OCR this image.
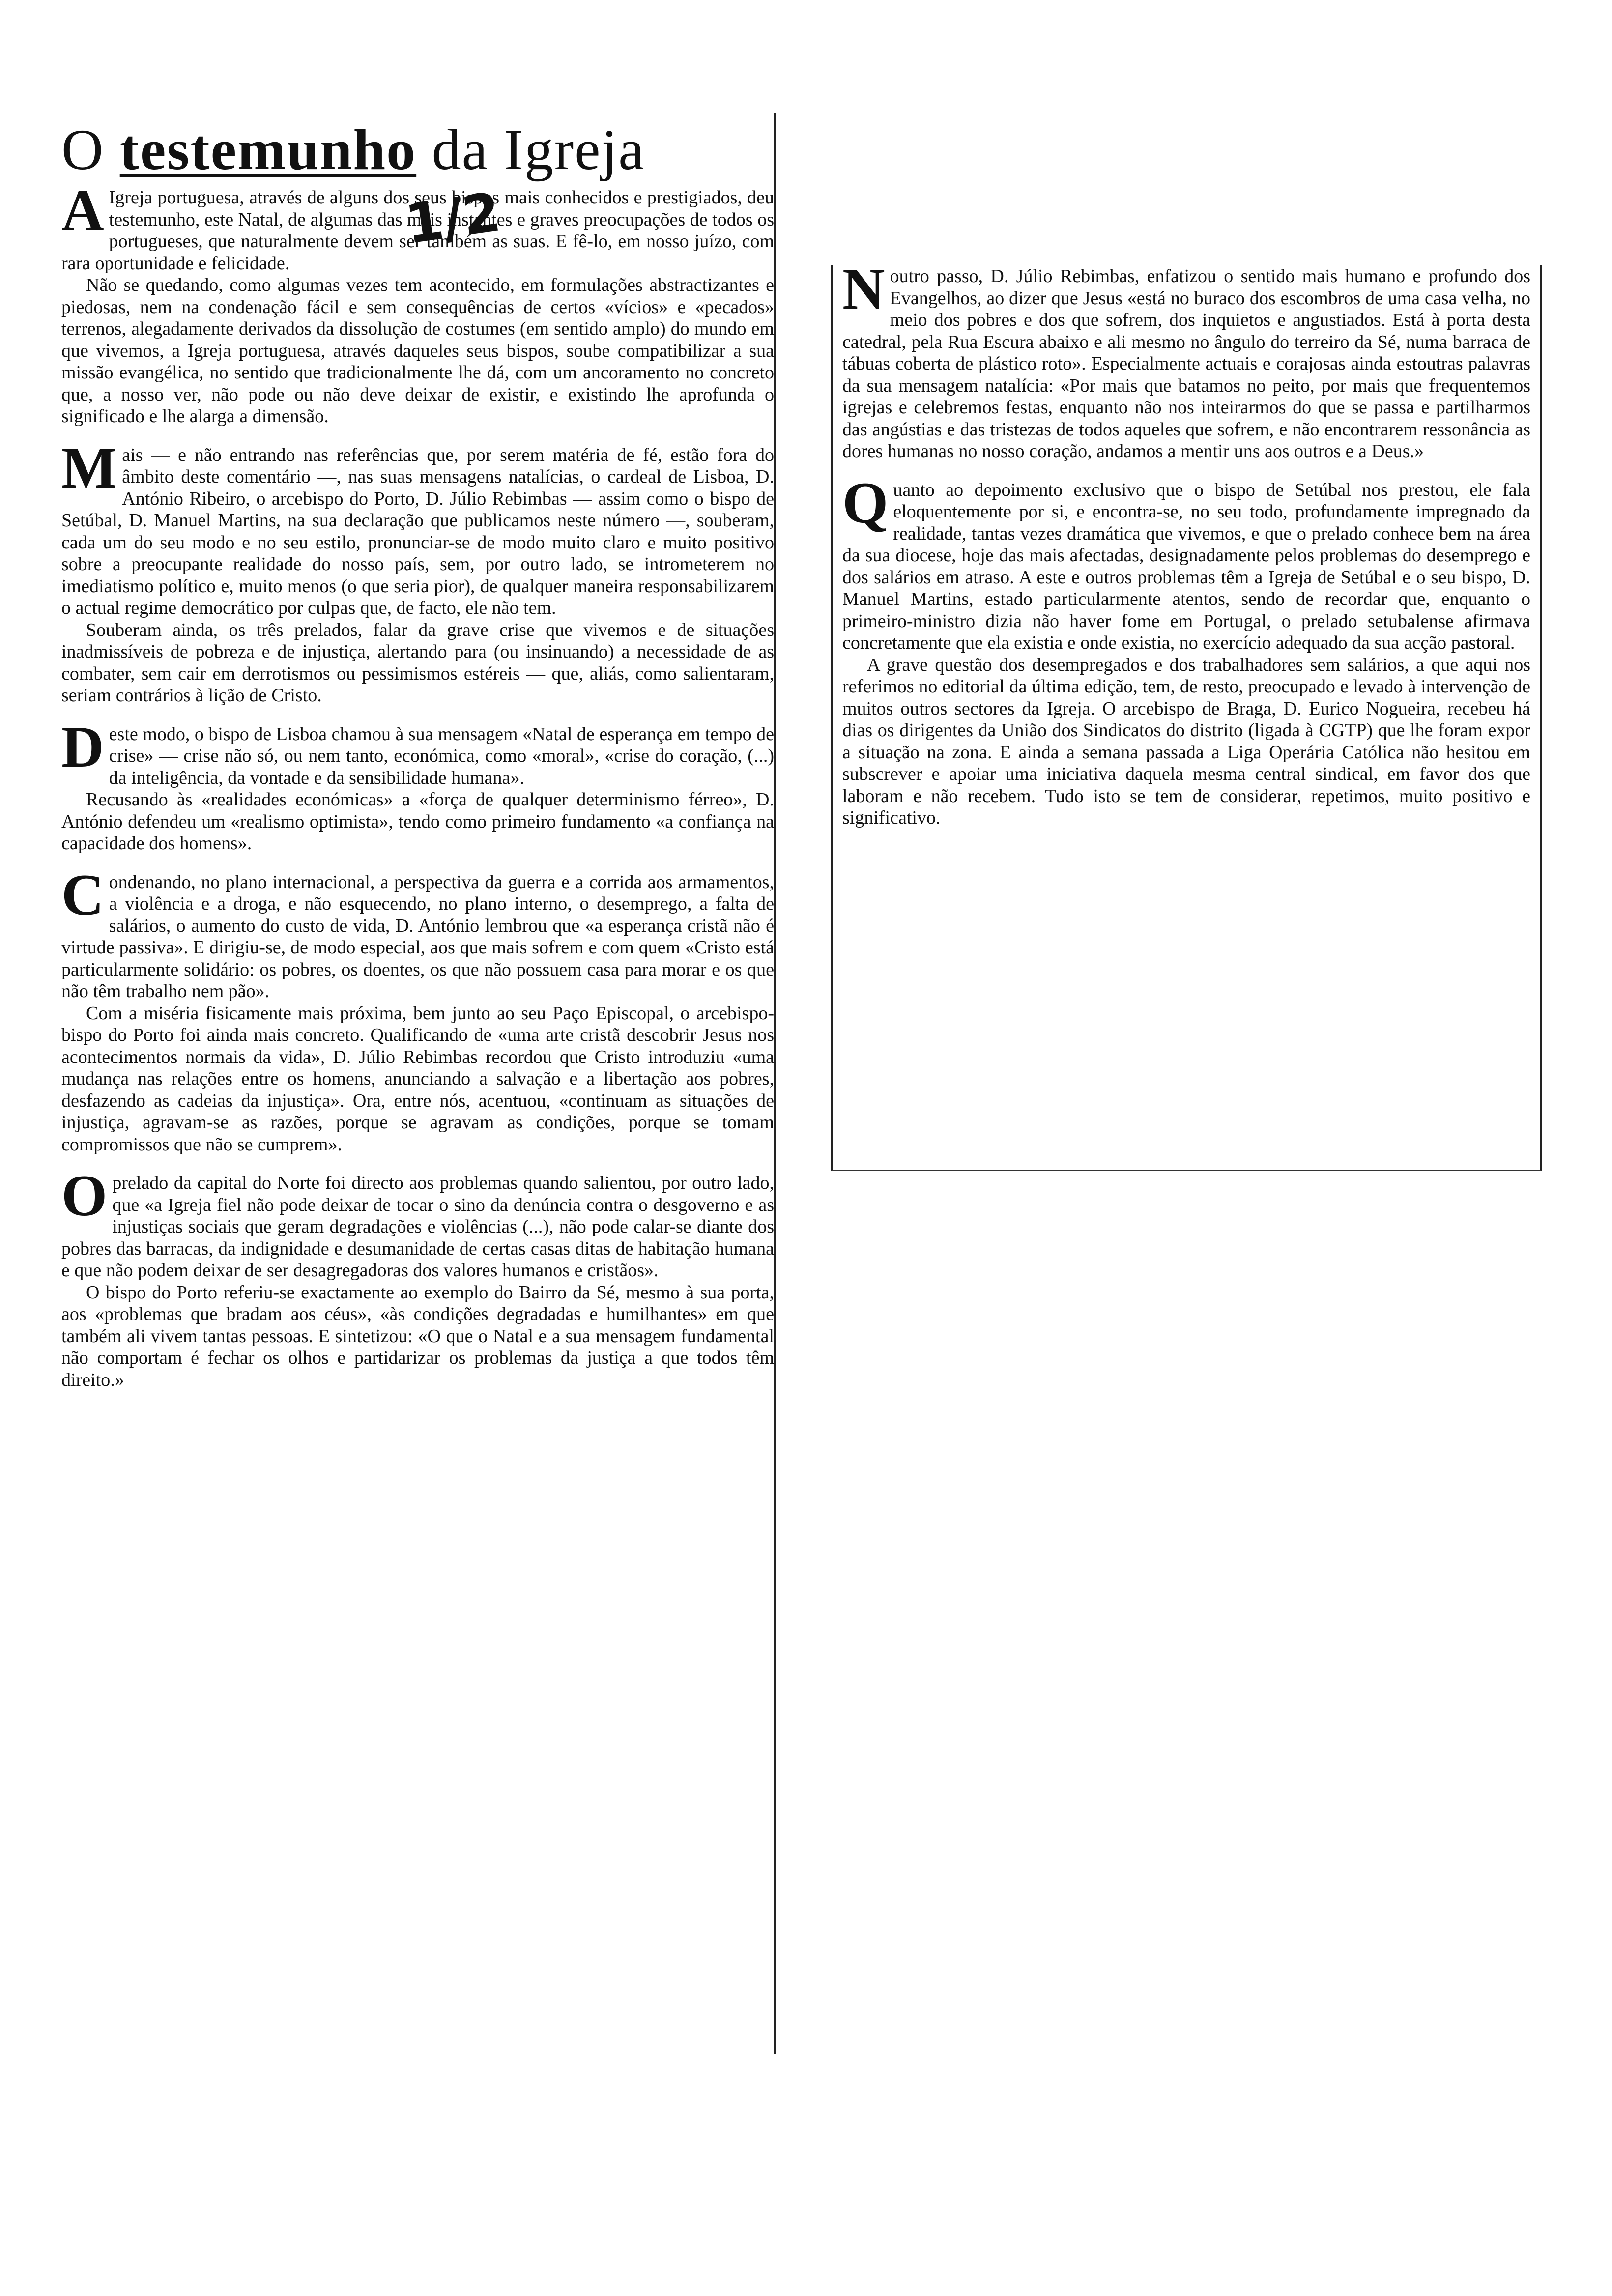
O testemunho da Igreja
1/2

A Igreja portuguesa, através de alguns dos seus bispos mais conhecidos e prestigiados, deu testemunho, este Natal, de algumas das mais instantes e graves preocupações de todos os portugueses, que naturalmente devem ser também as suas. E fê-lo, em nosso juízo, com rara oportunidade e felicidade.

Não se quedando, como algumas vezes tem acontecido, em formulações abstractizantes e piedosas, nem na condenação fácil e sem consequências de certos «vícios» e «pecados» terrenos, alegadamente derivados da dissolução de costumes (em sentido amplo) do mundo em que vivemos, a Igreja portuguesa, através daqueles seus bispos, soube compatibilizar a sua missão evangélica, no sentido que tradicionalmente lhe dá, com um ancoramento no concreto que, a nosso ver, não pode ou não deve deixar de existir, e existindo lhe aprofunda o significado e lhe alarga a dimensão.

Mais — e não entrando nas referências que, por serem matéria de fé, estão fora do âmbito deste comentário —, nas suas mensagens natalícias, o cardeal de Lisboa, D. António Ribeiro, o arcebispo do Porto, D. Júlio Rebimbas — assim como o bispo de Setúbal, D. Manuel Martins, na sua declaração que publicamos neste número —, souberam, cada um do seu modo e no seu estilo, pronunciar-se de modo muito claro e muito positivo sobre a preocupante realidade do nosso país, sem, por outro lado, se intrometerem no imediatismo político e, muito menos (o que seria pior), de qualquer maneira responsabilizarem o actual regime democrático por culpas que, de facto, ele não tem.

Souberam ainda, os três prelados, falar da grave crise que vivemos e de situações inadmissíveis de pobreza e de injustiça, alertando para (ou insinuando) a necessidade de as combater, sem cair em derrotismos ou pessimismos estéreis — que, aliás, como salientaram, seriam contrários à lição de Cristo.

Deste modo, o bispo de Lisboa chamou à sua mensagem «Natal de esperança em tempo de crise» — crise não só, ou nem tanto, económica, como «moral», «crise do coração, (...) da inteligência, da vontade e da sensibilidade humana».

Recusando às «realidades económicas» a «força de qualquer determinismo férreo», D. António defendeu um «realismo optimista», tendo como primeiro fundamento «a confiança na capacidade dos homens».

Condenando, no plano internacional, a perspectiva da guerra e a corrida aos armamentos, a violência e a droga, e não esquecendo, no plano interno, o desemprego, a falta de salários, o aumento do custo de vida, D. António lembrou que «a esperança cristã não é virtude passiva». E dirigiu-se, de modo especial, aos que mais sofrem e com quem «Cristo está particularmente solidário: os pobres, os doentes, os que não possuem casa para morar e os que não têm trabalho nem pão».

Com a miséria fisicamente mais próxima, bem junto ao seu Paço Episcopal, o arcebispo-bispo do Porto foi ainda mais concreto. Qualificando de «uma arte cristã descobrir Jesus nos acontecimentos normais da vida», D. Júlio Rebimbas recordou que Cristo introduziu «uma mudança nas relações entre os homens, anunciando a salvação e a libertação aos pobres, desfazendo as cadeias da injustiça». Ora, entre nós, acentuou, «continuam as situações de injustiça, agravam-se as razões, porque se agravam as condições, porque se tomam compromissos que não se cumprem».

Oprelado da capital do Norte foi directo aos problemas quando salientou, por outro lado, que «a Igreja fiel não pode deixar de tocar o sino da denúncia contra o desgoverno e as injustiças sociais que geram degradações e violências (...), não pode calar-se diante dos pobres das barracas, da indignidade e desumanidade de certas casas ditas de habitação humana e que não podem deixar de ser desagregadoras dos valores humanos e cristãos».

O bispo do Porto referiu-se exactamente ao exemplo do Bairro da Sé, mesmo à sua porta, aos «problemas que bradam aos céus», «às condições degradadas e humilhantes» em que também ali vivem tantas pessoas. E sintetizou: «O que o Natal e a sua mensagem fundamental não comportam é fechar os olhos e partidarizar os problemas da justiça a que todos têm direito.»

Noutro passo, D. Júlio Rebimbas, enfatizou o sentido mais humano e profundo dos Evangelhos, ao dizer que Jesus «está no buraco dos escombros de uma casa velha, no meio dos pobres e dos que sofrem, dos inquietos e angustiados. Está à porta desta catedral, pela Rua Escura abaixo e ali mesmo no ângulo do terreiro da Sé, numa barraca de tábuas coberta de plástico roto». Especialmente actuais e corajosas ainda estoutras palavras da sua mensagem natalícia: «Por mais que batamos no peito, por mais que frequentemos igrejas e celebremos festas, enquanto não nos inteirarmos do que se passa e partilharmos das angústias e das tristezas de todos aqueles que sofrem, e não encontrarem ressonância as dores humanas no nosso coração, andamos a mentir uns aos outros e a Deus.»

Quanto ao depoimento exclusivo que o bispo de Setúbal nos prestou, ele fala eloquentemente por si, e encontra-se, no seu todo, profundamente impregnado da realidade, tantas vezes dramática que vivemos, e que o prelado conhece bem na área da sua diocese, hoje das mais afectadas, designadamente pelos problemas do desemprego e dos salários em atraso. A este e outros problemas têm a Igreja de Setúbal e o seu bispo, D. Manuel Martins, estado particularmente atentos, sendo de recordar que, enquanto o primeiro-ministro dizia não haver fome em Portugal, o prelado setubalense afirmava concretamente que ela existia e onde existia, no exercício adequado da sua acção pastoral.

A grave questão dos desempregados e dos trabalhadores sem salários, a que aqui nos referimos no editorial da última edição, tem, de resto, preocupado e levado à intervenção de muitos outros sectores da Igreja. O arcebispo de Braga, D. Eurico Nogueira, recebeu há dias os dirigentes da União dos Sindicatos do distrito (ligada à CGTP) que lhe foram expor a situação na zona. E ainda a semana passada a Liga Operária Católica não hesitou em subscrever e apoiar uma iniciativa daquela mesma central sindical, em favor dos que laboram e não recebem. Tudo isto se tem de considerar, repetimos, muito positivo e significativo.
